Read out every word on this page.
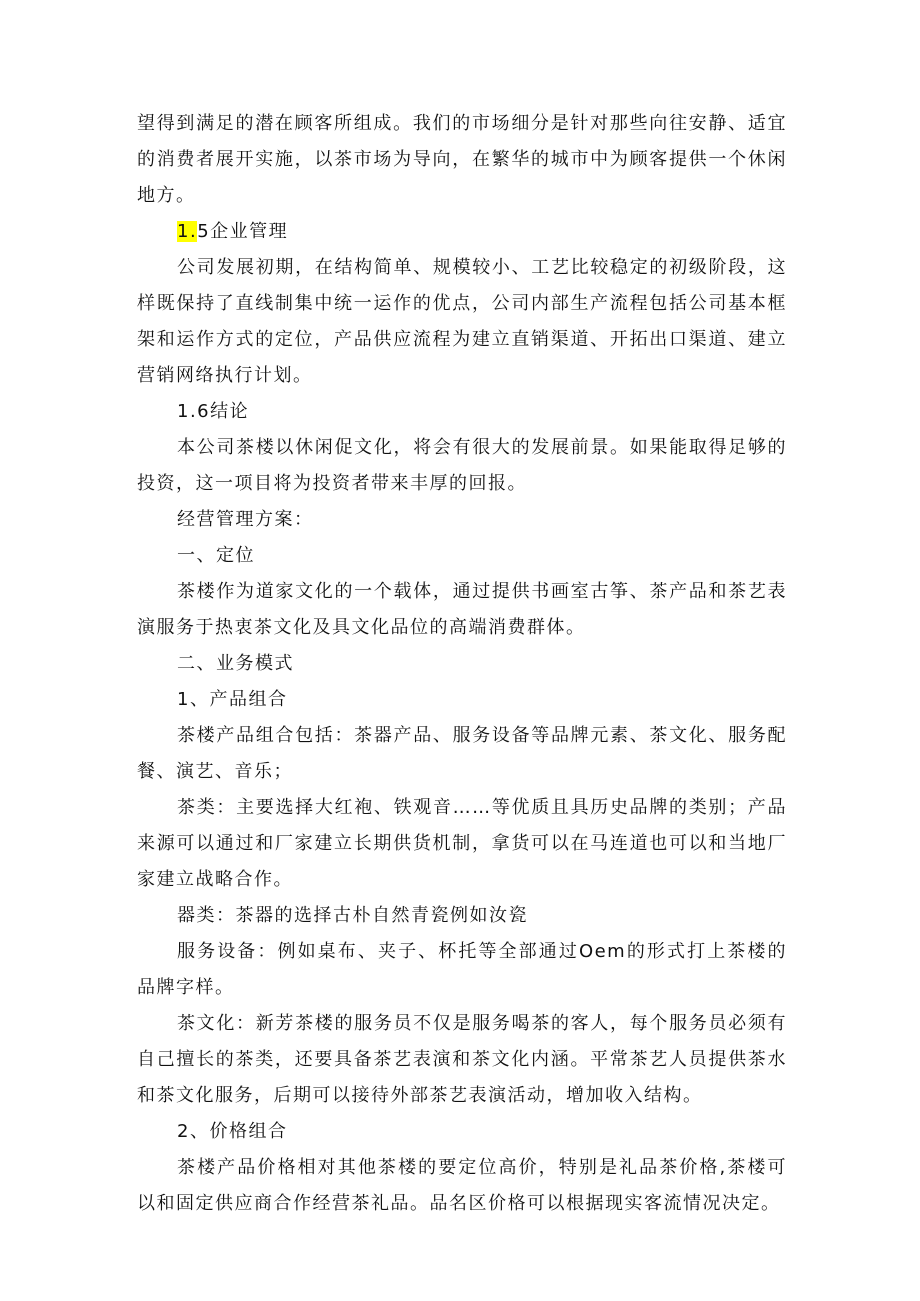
望得到满足的潜在顾客所组成。我们的市场细分是针对那些向往安静、适宜的消费者展开实施，以茶市场为导向，在繁华的城市中为顾客提供一个休闲地方。

1.5企业管理

公司发展初期，在结构简单、规模较小、工艺比较稳定的初级阶段，这样既保持了直线制集中统一运作的优点，公司内部生产流程包括公司基本框架和运作方式的定位，产品供应流程为建立直销渠道、开拓出口渠道、建立营销网络执行计划。

1.6结论

本公司茶楼以休闲促文化，将会有很大的发展前景。如果能取得足够的投资，这一项目将为投资者带来丰厚的回报。

经营管理方案：

一、定位

茶楼作为道家文化的一个载体，通过提供书画室古筝、茶产品和茶艺表演服务于热衷茶文化及具文化品位的高端消费群体。

二、业务模式

1、产品组合

茶楼产品组合包括：茶器产品、服务设备等品牌元素、茶文化、服务配餐、演艺、音乐；

茶类：主要选择大红袍、铁观音……等优质且具历史品牌的类别；产品来源可以通过和厂家建立长期供货机制，拿货可以在马连道也可以和当地厂家建立战略合作。

器类：茶器的选择古朴自然青瓷例如汝瓷

服务设备：例如桌布、夹子、杯托等全部通过Oem的形式打上茶楼的品牌字样。

茶文化：新芳茶楼的服务员不仅是服务喝茶的客人，每个服务员必须有自己擅长的茶类，还要具备茶艺表演和茶文化内涵。平常茶艺人员提供茶水和茶文化服务，后期可以接待外部茶艺表演活动，增加收入结构。

2、价格组合

茶楼产品价格相对其他茶楼的要定位高价，特别是礼品茶价格,茶楼可以和固定供应商合作经营茶礼品。品名区价格可以根据现实客流情况决定。
